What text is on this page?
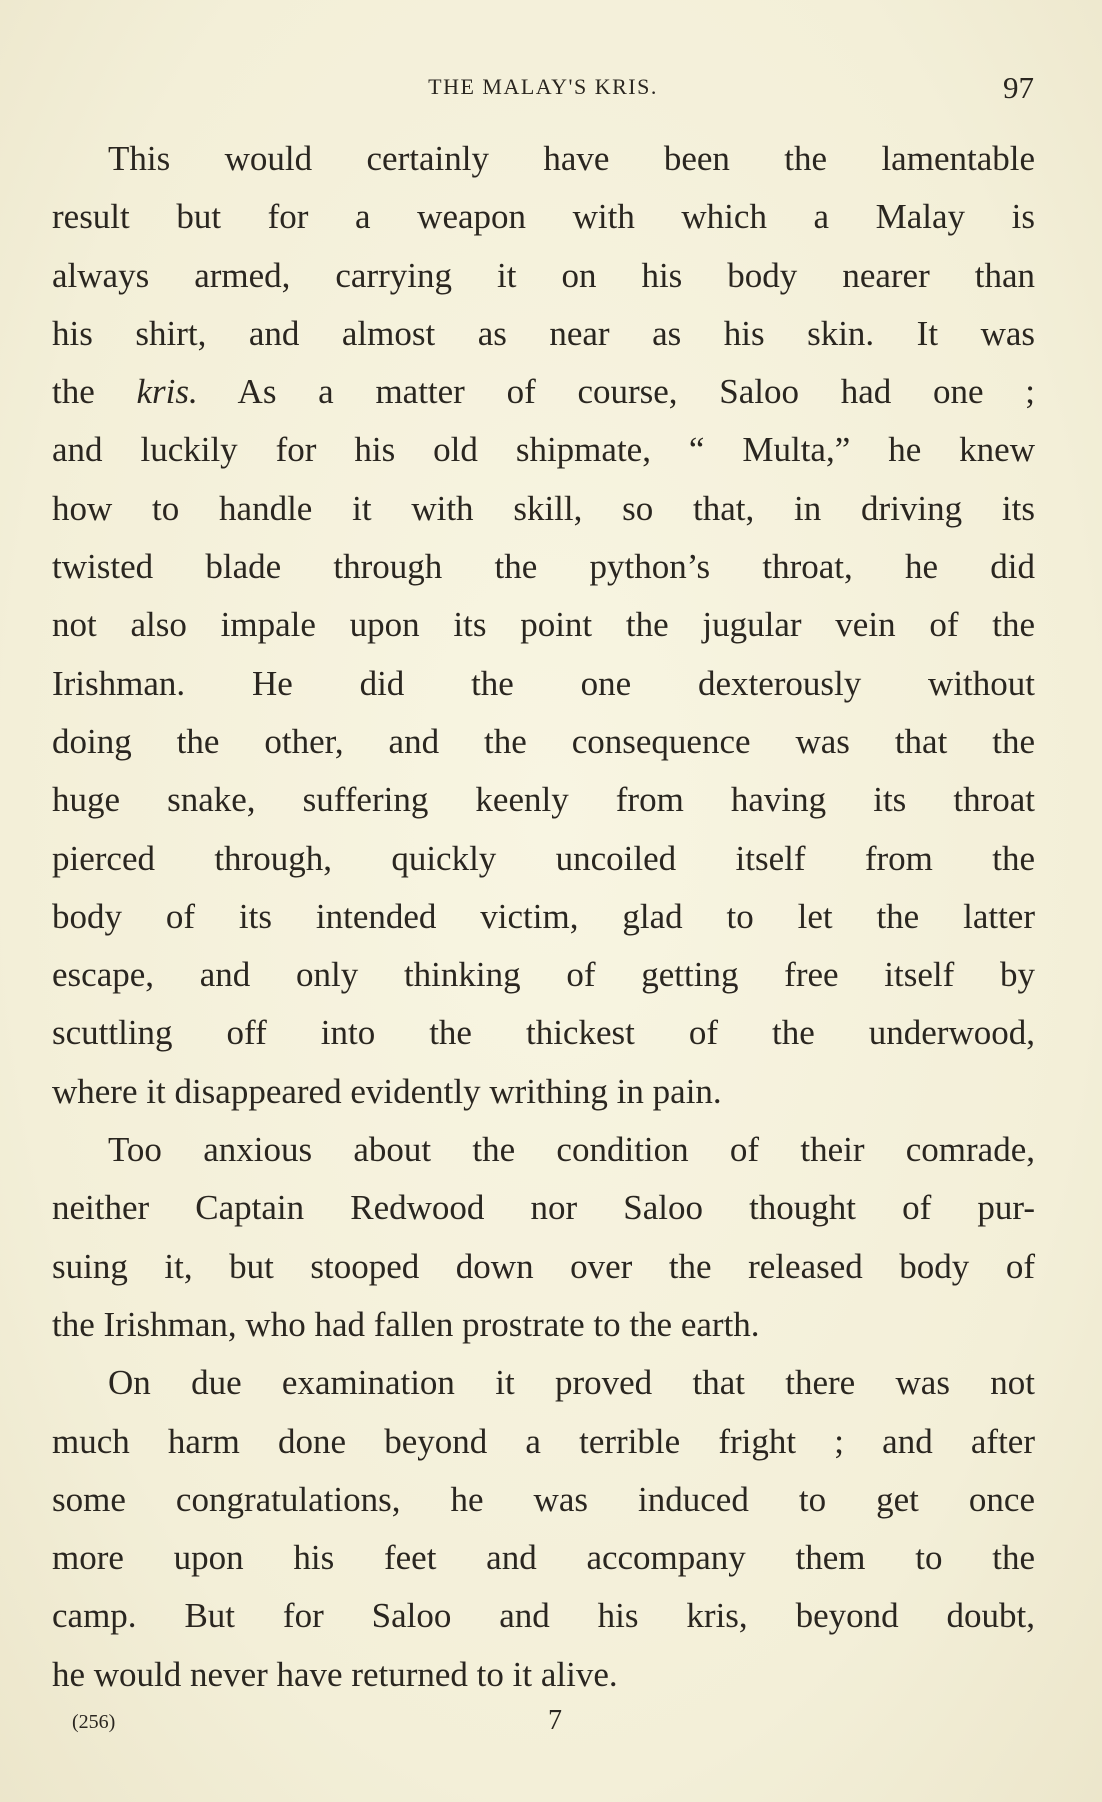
THE MALAY'S KRIS.	97
This would certainly have been the lamentable
result but for a weapon with which a Malay is
always armed, carrying it on his body nearer than
his shirt, and almost as near as his skin. It was
the kris. As a matter of course, Saloo had one ;
and luckily for his old shipmate, “ Multa,” he knew
how to handle it with skill, so that, in driving its
twisted blade through the python’s throat, he did
not also impale upon its point the jugular vein of the
Irishman. He did the one dexterously without
doing the other, and the consequence was that the
huge snake, suffering keenly from having its throat
pierced through, quickly uncoiled itself from the
body of its intended victim, glad to let the latter
escape, and only thinking of getting free itself by
scuttling off into the thickest of the underwood,
where it disappeared evidently writhing in pain.
Too anxious about the condition of their comrade,
neither Captain Redwood nor Saloo thought of pur-
suing it, but stooped down over the released body of
the Irishman, who had fallen prostrate to the earth.
On due examination it proved that there was not
much harm done beyond a terrible fright ; and after
some congratulations, he was induced to get once
more upon his feet and accompany them to the
camp. But for Saloo and his kris, beyond doubt,
he would never have returned to it alive.
(256)	7
